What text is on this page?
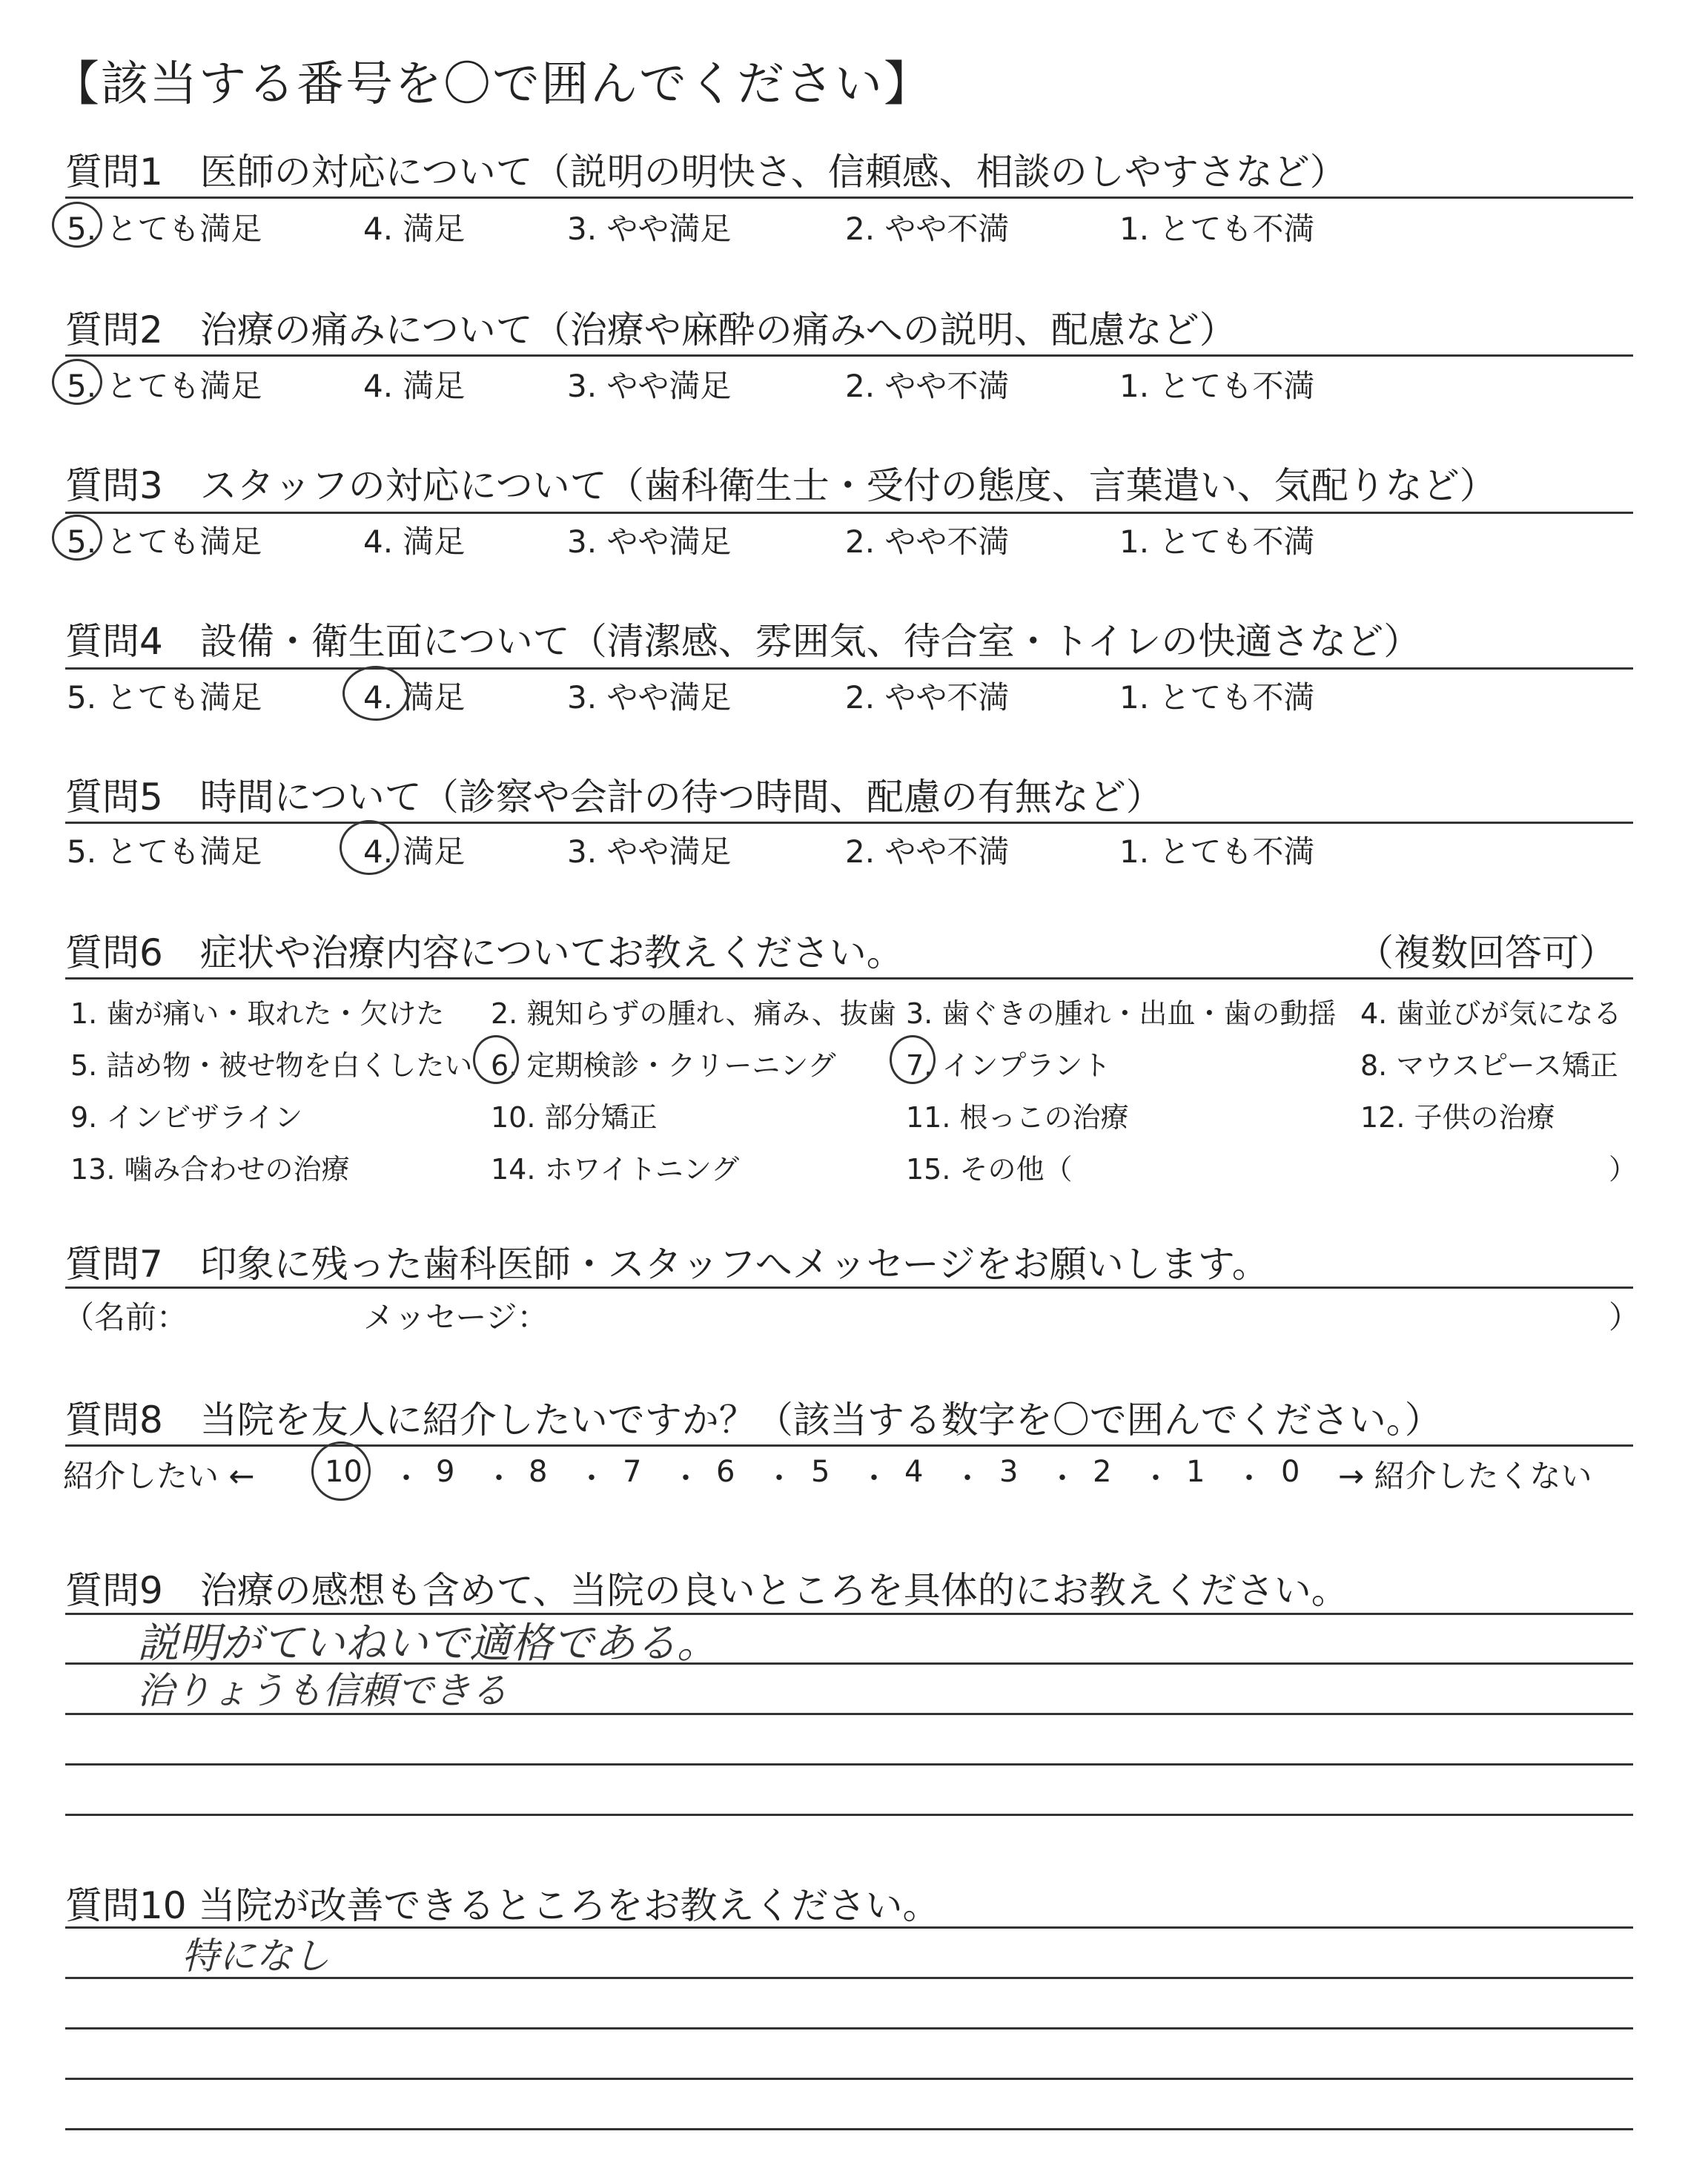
【該当する番号を〇で囲んでください】
質問1　医師の対応について（説明の明快さ、信頼感、相談のしやすさなど）
5. とても満足	4. 満足	3. やや満足	2. やや不満	1. とても不満
質問2　治療の痛みについて（治療や麻酔の痛みへの説明、配慮など）
5. とても満足	4. 満足	3. やや満足	2. やや不満	1. とても不満
質問3　スタッフの対応について（歯科衛生士・受付の態度、言葉遣い、気配りなど）
5. とても満足	4. 満足	3. やや満足	2. やや不満	1. とても不満
質問4　設備・衛生面について（清潔感、雰囲気、待合室・トイレの快適さなど）
5. とても満足	4. 満足	3. やや満足	2. やや不満	1. とても不満
質問5　時間について（診察や会計の待つ時間、配慮の有無など）
5. とても満足	4. 満足	3. やや満足	2. やや不満	1. とても不満
質問6　症状や治療内容についてお教えください。	（複数回答可）
1. 歯が痛い・取れた・欠けた 2. 親知らずの腫れ、痛み、抜歯 3. 歯ぐきの腫れ・出血・歯の動揺 4. 歯並びが気になる
5. 詰め物・被せ物を白くしたい 6. 定期検診・クリーニング 7. インプラント	8. マウスピース矯正
9. インビザライン	10. 部分矯正	11. 根っこの治療	12. 子供の治療
13. 噛み合わせの治療	14. ホワイトニング	15. その他（	）
質問7　印象に残った歯科医師・スタッフへメッセージをお願いします。
（名前：	メッセージ：	）
質問8　当院を友人に紹介したいですか？（該当する数字を〇で囲んでください。）
紹介したい ← 10 ・ 9 ・ 8 ・ 7 ・ 6 ・ 5 ・ 4 ・ 3 ・ 2 ・ 1 ・ 0 → 紹介したくない
質問9　治療の感想も含めて、当院の良いところを具体的にお教えください。
説明がていねいで適格である。
治りょうも信頼できる
質問10 当院が改善できるところをお教えください。
特になし
